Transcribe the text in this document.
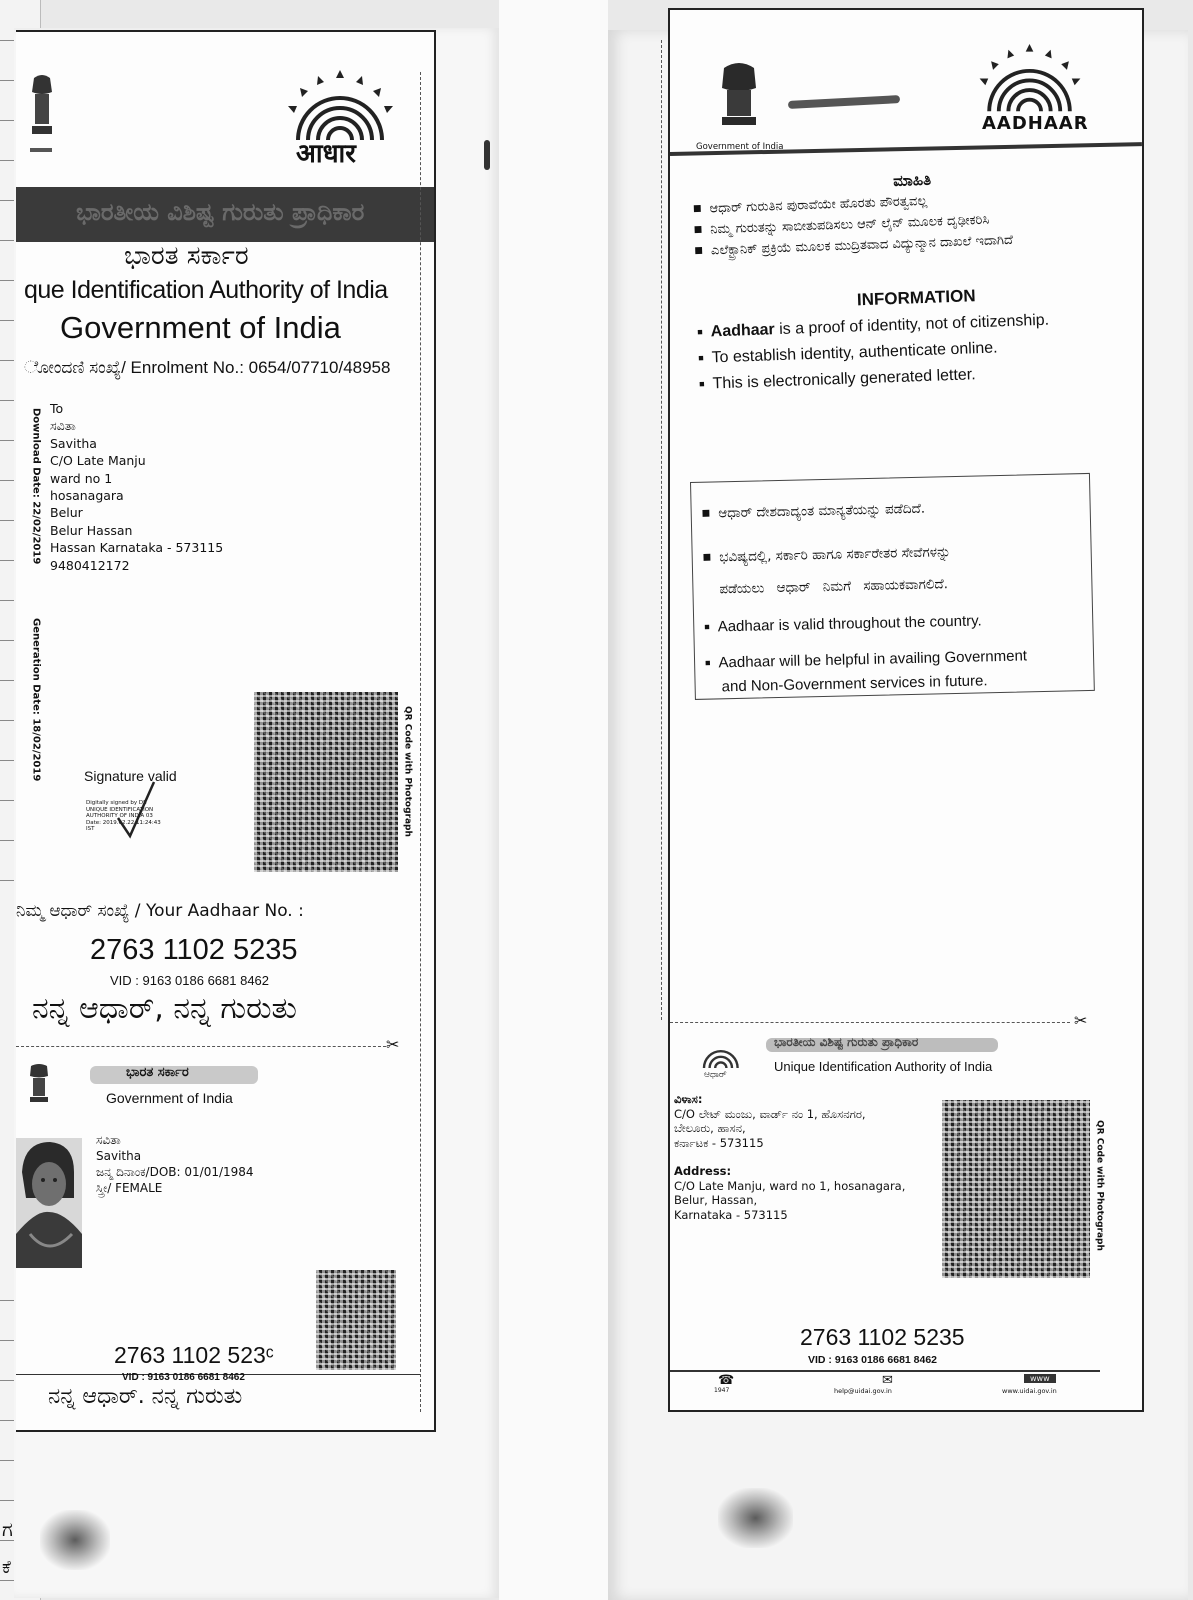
ಗ
ಕೆ
आधार
ಭಾರತೀಯ ವಿಶಿಷ್ಟ ಗುರುತು ಪ್ರಾಧಿಕಾರ
ಭಾರತ ಸರ್ಕಾರ
que Identification Authority of India
Government of India
ೋಂದಣಿ ಸಂಖ್ಯೆ/ Enrolment No.: 0654/07710/48958
Download Date: 22/02/2019
Generation Date: 18/02/2019
To
ಸವಿತಾ
Savitha
C/O Late Manju
ward no 1
hosanagara
Belur
Belur Hassan
Hassan Karnataka - 573115
9480412172
QR Code with Photograph
Signature valid
Digitally signed by DS
UNIQUE IDENTIFICATION
AUTHORITY OF INDIA 03
Date: 2019.02.22 11:24:43
IST
ನಿಮ್ಮ ಆಧಾರ್ ಸಂಖ್ಯೆ / Your Aadhaar No. :
2763 1102 5235
VID : 9163 0186 6681 8462
ನನ್ನ ಆಧಾರ್, ನನ್ನ ಗುರುತು
✂
ಭಾರತ ಸರ್ಕಾರ
Government of India
ಸವಿತಾ
Savitha
ಜನ್ಮ ದಿನಾಂಕ/DOB: 01/01/1984
ಸ್ತ್ರೀ/ FEMALE
2763 1102 523ᶜ
VID : 9163 0186 6681 8462
ನನ್ನ ಆಧಾರ್. ನನ್ನ ಗುರುತು
Government of India
AADHAAR
ಮಾಹಿತಿ
■ ಆಧಾರ್ ಗುರುತಿನ ಪುರಾವೆಯೇ ಹೊರತು ಪೌರತ್ವವಲ್ಲ
■ ನಿಮ್ಮ ಗುರುತನ್ನು ಸಾಬೀತುಪಡಿಸಲು ಆನ್ ಲೈನ್ ಮೂಲಕ ದೃಢೀಕರಿಸಿ
■ ಎಲೆಕ್ಟ್ರಾನಿಕ್ ಪ್ರಕ್ರಿಯೆ ಮೂಲಕ ಮುದ್ರಿತವಾದ ವಿದ್ಯುನ್ಮಾನ ದಾಖಲೆ ಇದಾಗಿದೆ
INFORMATION
■ Aadhaar is a proof of identity, not of citizenship.
■ To establish identity, authenticate online.
■ This is electronically generated letter.
■ ಆಧಾರ್ ದೇಶದಾದ್ಯಂತ ಮಾನ್ಯತೆಯನ್ನು ಪಡೆದಿದೆ.
■ ಭವಿಷ್ಯದಲ್ಲಿ, ಸರ್ಕಾರಿ ಹಾಗೂ ಸರ್ಕಾರೇತರ ಸೇವೆಗಳನ್ನು
ಪಡೆಯಲು ಆಧಾರ್ ನಿಮಗೆ ಸಹಾಯಕವಾಗಲಿದೆ.
■ Aadhaar is valid throughout the country.
■ Aadhaar will be helpful in availing Government
and Non-Government services in future.
✂
ಆಧಾರ್
ಭಾರತೀಯ ವಿಶಿಷ್ಟ ಗುರುತು ಪ್ರಾಧಿಕಾರ
Unique Identification Authority of India
ವಿಳಾಸ:
C/O ಲೇಟ್ ಮಂಜು, ವಾರ್ಡ್ ನಂ 1, ಹೊಸನಗರ,
ಬೇಲೂರು, ಹಾಸನ,
ಕರ್ನಾಟಕ - 573115
Address:
C/O Late Manju, ward no 1, hosanagara,
Belur, Hassan,
Karnataka - 573115	QR Code with Photograph
2763 1102 5235
VID : 9163 0186 6681 8462
☎
1947
✉
help@uidai.gov.in
www
www.uidai.gov.in
